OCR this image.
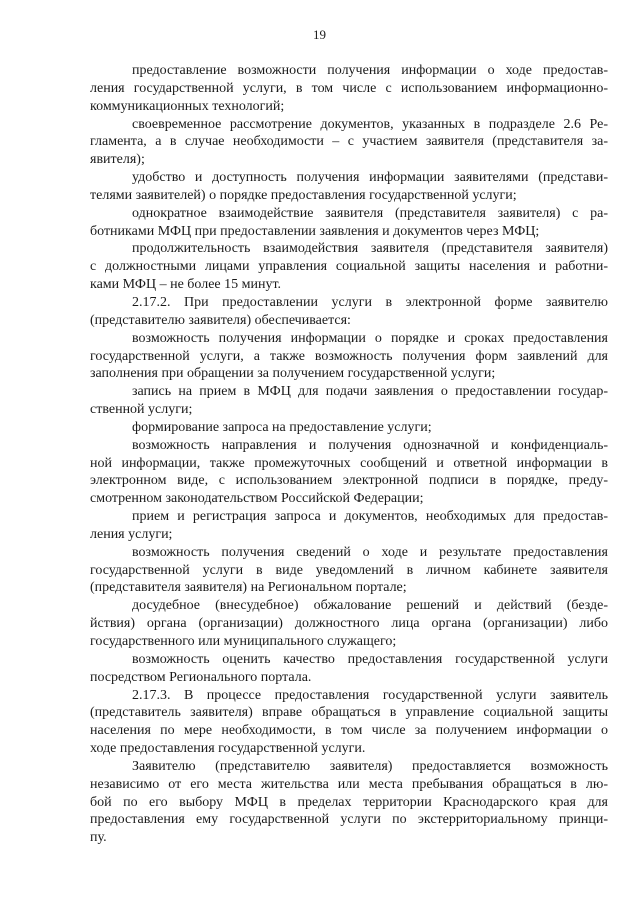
19
предоставление возможности получения информации о ходе предостав-
ления государственной услуги, в том числе с использованием информационно-
коммуникационных технологий;
своевременное рассмотрение документов, указанных в подразделе 2.6 Ре-
гламента, а в случае необходимости – с участием заявителя (представителя за-
явителя);
удобство и доступность получения информации заявителями (представи-
телями заявителей) о порядке предоставления государственной услуги;
однократное взаимодействие заявителя (представителя заявителя) с ра-
ботниками МФЦ при предоставлении заявления и документов через МФЦ;
продолжительность взаимодействия заявителя (представителя заявителя)
с должностными лицами управления социальной защиты населения и работни-
ками МФЦ – не более 15 минут.
2.17.2. При предоставлении услуги в электронной форме заявителю
(представителю заявителя) обеспечивается:
возможность получения информации о порядке и сроках предоставления
государственной услуги, а также возможность получения форм заявлений для
заполнения при обращении за получением государственной услуги;
запись на прием в МФЦ для подачи заявления о предоставлении государ-
ственной услуги;
формирование запроса на предоставление услуги;
возможность направления и получения однозначной и конфиденциаль-
ной информации, также промежуточных сообщений и ответной информации в
электронном виде, с использованием электронной подписи в порядке, преду-
смотренном законодательством Российской Федерации;
прием и регистрация запроса и документов, необходимых для предостав-
ления услуги;
возможность получения сведений о ходе и результате предоставления
государственной услуги в виде уведомлений в личном кабинете заявителя
(представителя заявителя) на Региональном портале;
досудебное (внесудебное) обжалование решений и действий (безде-
йствия) органа (организации) должностного лица органа (организации) либо
государственного или муниципального служащего;
возможность оценить качество предоставления государственной услуги
посредством Регионального портала.
2.17.3. В процессе предоставления государственной услуги заявитель
(представитель заявителя) вправе обращаться в управление социальной защиты
населения по мере необходимости, в том числе за получением информации о
ходе предоставления государственной услуги.
Заявителю (представителю заявителя) предоставляется возможность
независимо от его места жительства или места пребывания обращаться в лю-
бой по его выбору МФЦ в пределах территории Краснодарского края для
предоставления ему государственной услуги по экстерриториальному принци-
пу.
